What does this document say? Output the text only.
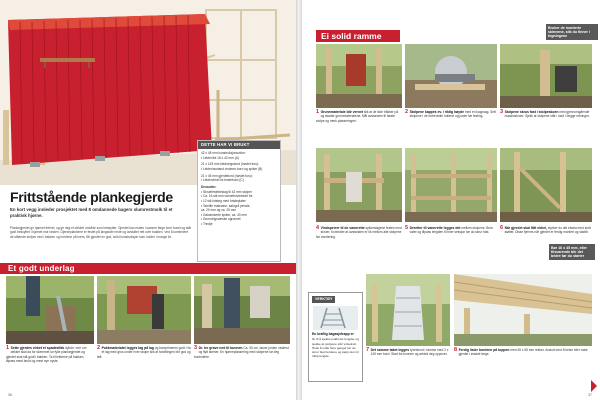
DETTE HAR VI BRUKT
42 x 48 mm konstruksjonsvirke:
• Lekter/fot 18 x 42 mm (A)
21 x 145 mm kledningsbord (høvlet furu):
• Lekter/avstand vindmm-bord og spiker (B)
21 x 45 mm gjerdebord (høvlet furu):
• Lektervirket lis bindebord (C)
Dessuten:
• Skruefestebeslag til 42 mm stolper
• Ca. 16 stk mm varmeforzinkede fot
• 12 stk fotsteg med fotsteplater
• Tamfile malevare, sølvgrå pensle,
ca. 20 mm og ca. 25 mm
• Galvaniserte spiker, ca. 40 mm
• Grunningsvæske ugrunnet
• Treolje
Frittstående plankegjerde

En kort vegg innleder prosjektet med 8 omdannede bagers slumrestmolk til et praktisk hjørne.

Plankegjerdet gir hjørnet trefvel, og gir deg et dekket område som beskytter. Gjerdet kan males i samme farge som huset og står godt beskyttet i hjørnet mot vinden. Gjerdeplankene er festet på langsider nede og avsluttet rett over bakken. Ved å kombinere de stående stolper ned i bakken og bordene på tvers, får gjerdet en god, solid konstruksjon som holder i mange år.

Et godt underlag

1 Sette gjerdes virket et spadestikk dybde, mer om dekket skal da for skemmet lur fylle plankegjerdet og gjerdet skal stå godt i bakken. Ta til lekterne på bakken, tilpass mest brukt og mest nye nyste.

2 Pukkmaterialet legges lag på lag og komprimeres godt. Ha et lag med grus under hver stolpe slik at fordelingen blir god og tett.

3 Dr. ter grave ned til bunnen Ca. 50 cm, løsne jorden nederst og flytt steiner. En hjørneplassering med stolpene lar deg kontrollere.

36
Ei solid ramme
Bruker de monterte skinnene, slik du finner i tegningene

1 Grunnmateriale blir vernet slik at de ikke tråkker på og skader grunnmaterialene. Mål avstanden til første stolpe og merk plasseringen.

2 Stolpene kappes ev. i riktig høyde med en kappsag. Sett stolpene i de forberedte hullene og juster før festing.

3 Stolpene skrus fast i stolpeskoen med gjennomgående maskinskruer. Sjekk at stolpene står i lodd i begge retninger.

4 Vindsperrer til de vannrette spikerslagene festes med skruer. Kontroller at avstanden er lik mellom alle stolpene før montering.

5 Deretter til vannrette legges det mellom stolpene. Bruk vater og tilpass lengden til hver seksjon før du skrur fast.

6 Når gjerdet skal fått virkel, styrker du det ekstra med skrå støtter. Disse fjernes når gjerdet er ferdig montert og stabilt.

VERKTØY
En kraftig bagasjetrapp er
fin til å sjekke loddrette lengder og sjekke at stolpene står vinkelrett. Husk å måle flere ganger før du skrur fast bordene og kapp dem til riktig lengde.
Bør 16 x 45 mm, eller tilsvarende blir det bedre før du starter

7 Det samme taket legges tyveskrud i ramme med 2 x 145 mm bord. Start fra bunnen og arbeid deg oppover.

8 Ferdig lister bordene på toppen med 45 x 55 mm rekker. Avslutt med å beise eller male gjerdet i ønsket farge.

37
